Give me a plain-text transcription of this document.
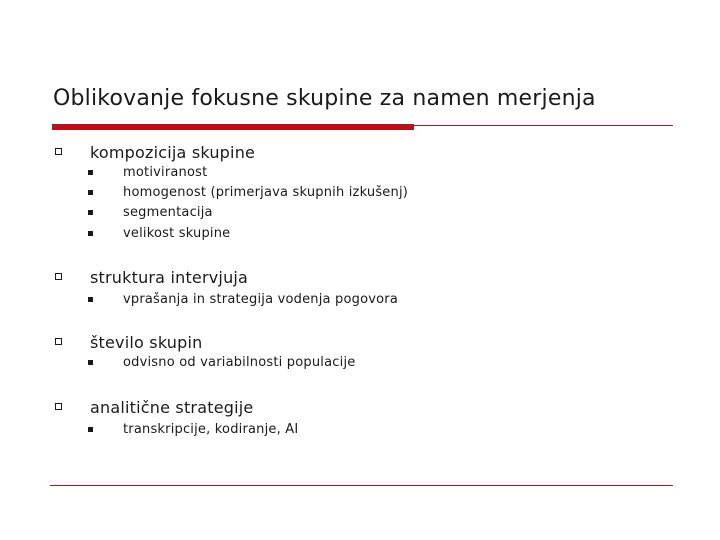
Oblikovanje fokusne skupine za namen merjenja
kompozicija skupine
motiviranost
homogenost (primerjava skupnih izkušenj)
segmentacija
velikost skupine
struktura intervjuja
vprašanja in strategija vodenja pogovora
število skupin
odvisno od variabilnosti populacije
analitične strategije
transkripcije, kodiranje, AI
